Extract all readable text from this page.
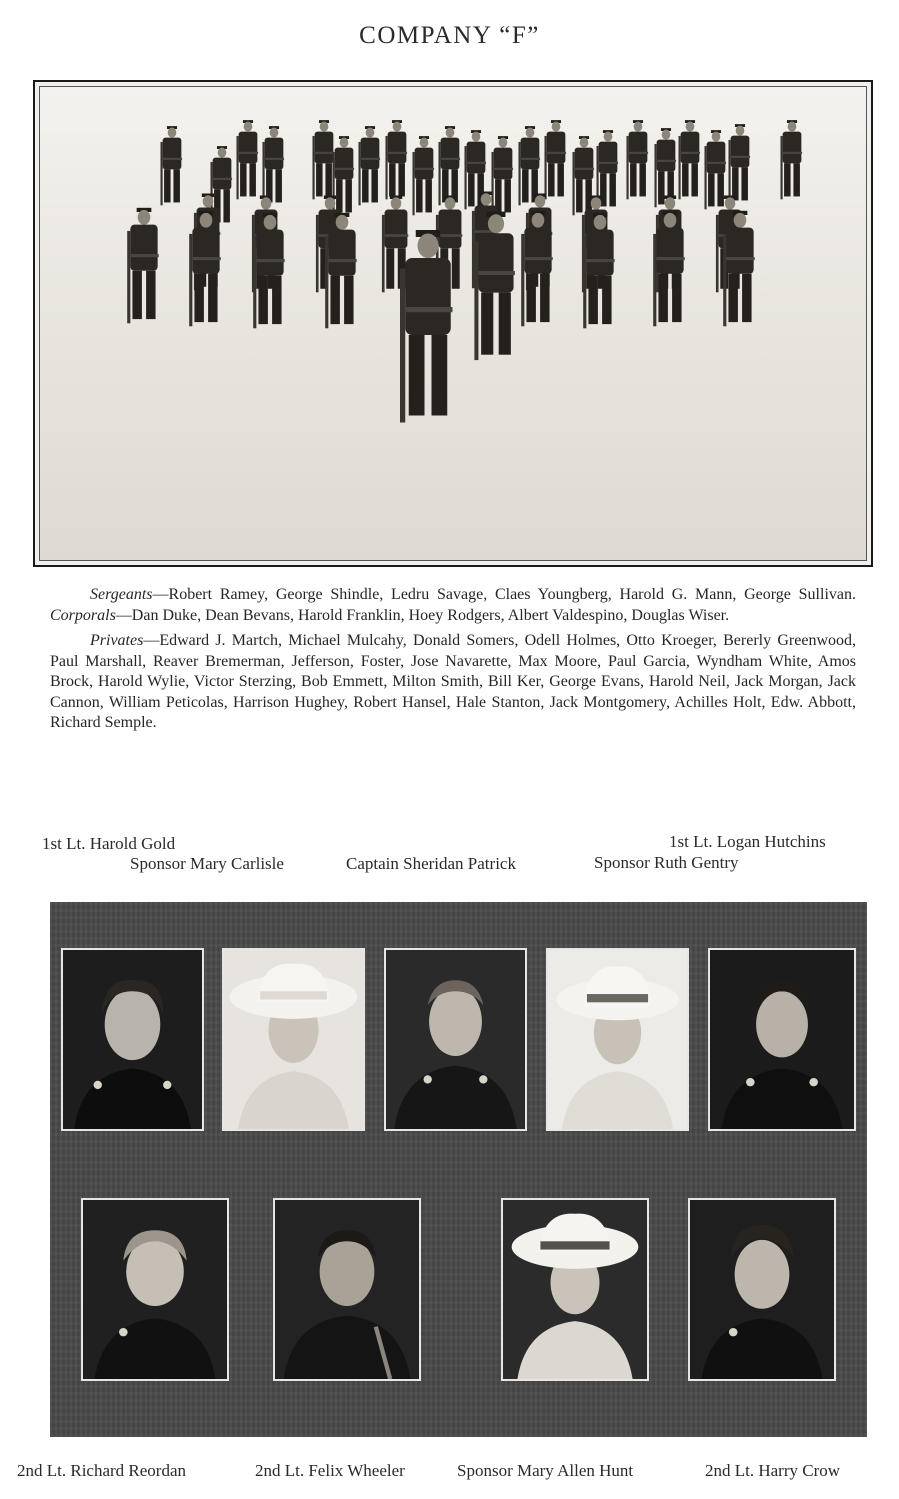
COMPANY “F”

Sergeants—Robert Ramey, George Shindle, Ledru Savage, Claes Youngberg, Harold G. Mann, George Sullivan. Corporals—Dan Duke, Dean Bevans, Harold Franklin, Hoey Rodgers, Albert Valdespino, Douglas Wiser.

Privates—Edward J. Martch, Michael Mulcahy, Donald Somers, Odell Holmes, Otto Kroeger, Bererly Greenwood, Paul Marshall, Reaver Bremerman, Jefferson, Foster, Jose Navarette, Max Moore, Paul Garcia, Wyndham White, Amos Brock, Harold Wylie, Victor Sterzing, Bob Emmett, Milton Smith, Bill Ker, George Evans, Harold Neil, Jack Morgan, Jack Cannon, William Peticolas, Harrison Hughey, Robert Hansel, Hale Stanton, Jack Montgomery, Achilles Holt, Edw. Abbott, Richard Semple.

1st Lt. Harold Gold	1st Lt. Logan Hutchins
Sponsor Mary Carlisle	Captain Sheridan Patrick	Sponsor Ruth Gentry
2nd Lt. Richard Reordan	2nd Lt. Felix Wheeler	Sponsor Mary Allen Hunt	2nd Lt. Harry Crow
